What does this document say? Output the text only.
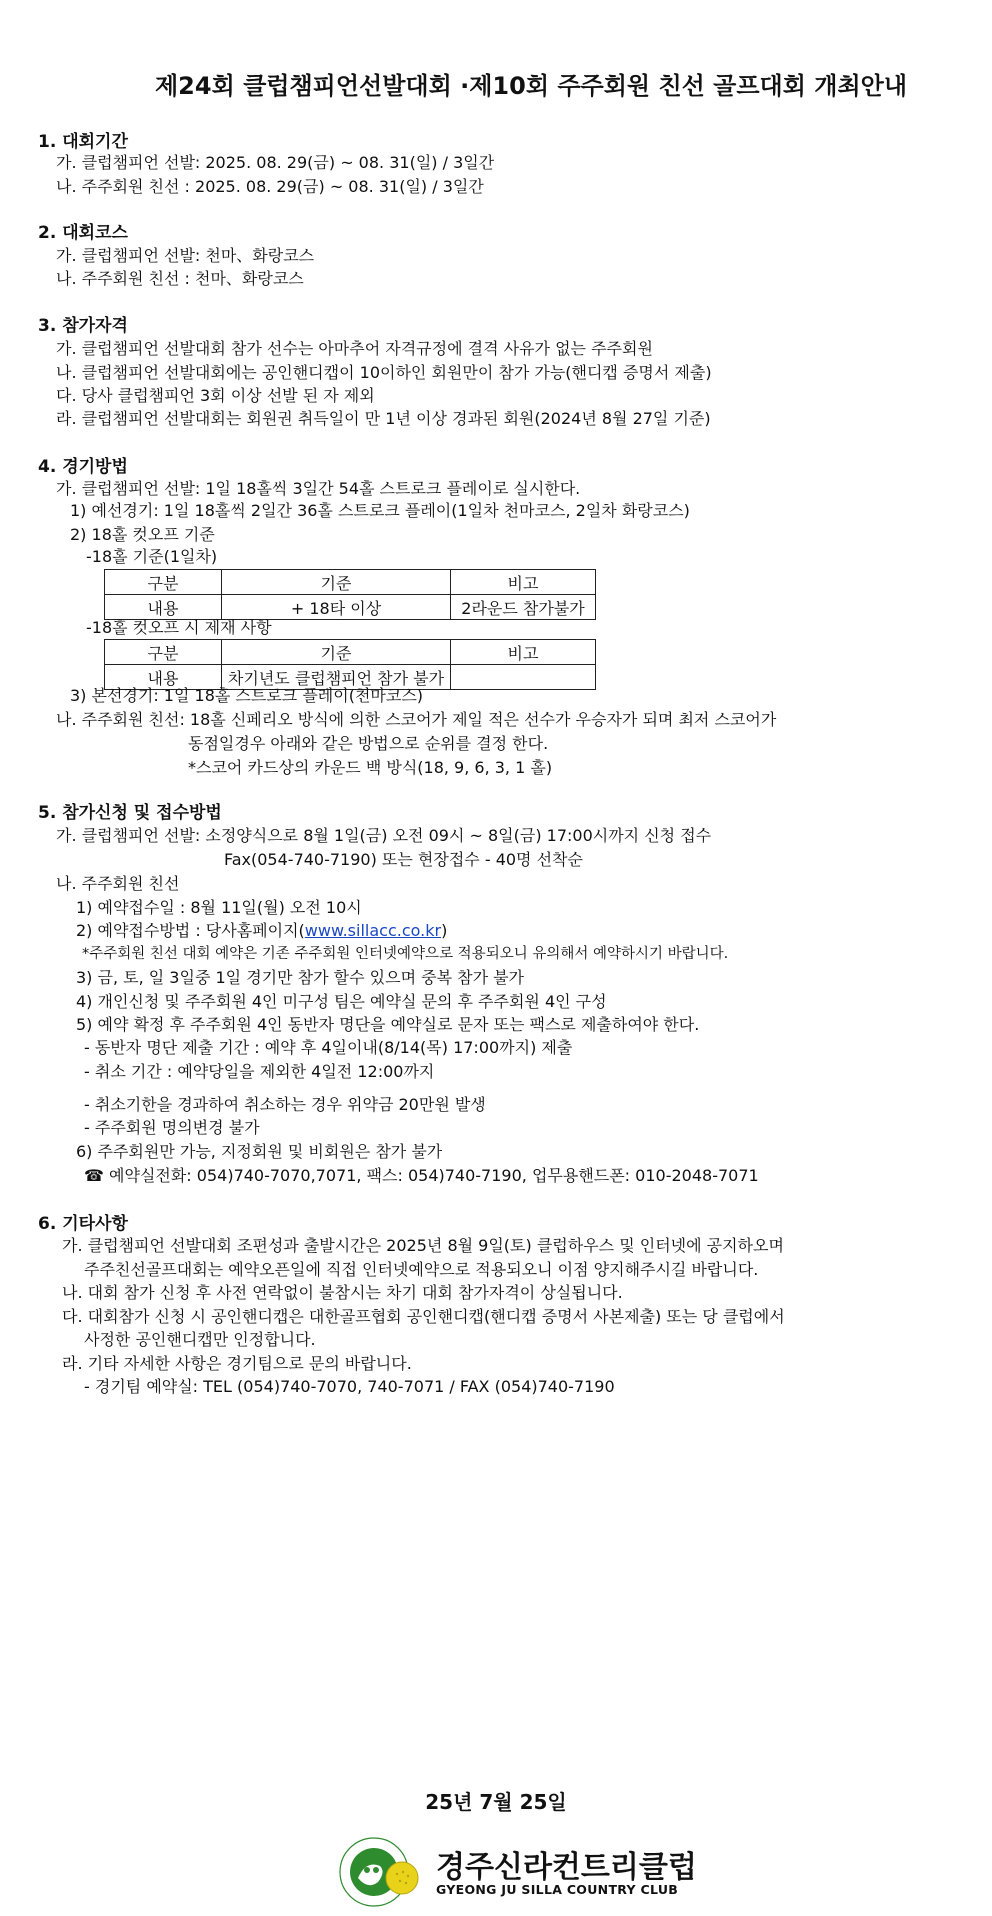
제24회 클럽챔피언선발대회 ·제10회 주주회원 친선 골프대회 개최안내
1. 대회기간
가. 클럽챔피언 선발: 2025. 08. 29(금) ~ 08. 31(일) / 3일간
나. 주주회원 친선 : 2025. 08. 29(금) ~ 08. 31(일) / 3일간
2. 대회코스
가. 클럽챔피언 선발: 천마、화랑코스
나. 주주회원 친선 : 천마、화랑코스
3. 참가자격
가. 클럽챔피언 선발대회 참가 선수는 아마추어 자격규정에 결격 사유가 없는 주주회원
나. 클럽챔피언 선발대회에는 공인핸디캡이 10이하인 회원만이 참가 가능(핸디캡 증명서 제출)
다. 당사 클럽챔피언 3회 이상 선발 된 자 제외
라. 클럽챔피언 선발대회는 회원권 취득일이 만 1년 이상 경과된 회원(2024년 8월 27일 기준)
4. 경기방법
가. 클럽챔피언 선발: 1일 18홀씩 3일간 54홀 스트로크 플레이로 실시한다.
1) 예선경기: 1일 18홀씩 2일간 36홀 스트로크 플레이(1일차 천마코스, 2일차 화랑코스)
2) 18홀 컷오프 기준
-18홀 기준(1일차)
구분	기준	비고
내용	+ 18타 이상	2라운드 참가불가
-18홀 컷오프 시 제재 사항
구분	기준	비고
내용	차기년도 클럽챔피언 참가 불가	
3) 본선경기: 1일 18홀 스트로크 플레이(천마코스)
나. 주주회원 친선: 18홀 신페리오 방식에 의한 스코어가 제일 적은 선수가 우승자가 되며 최저 스코어가
동점일경우 아래와 같은 방법으로 순위를 결정 한다.
*스코어 카드상의 카운드 백 방식(18, 9, 6, 3, 1 홀)
5. 참가신청 및 접수방법
가. 클럽챔피언 선발: 소정양식으로 8월 1일(금) 오전 09시 ~ 8일(금) 17:00시까지 신청 접수
Fax(054-740-7190) 또는 현장접수 - 40명 선착순
나. 주주회원 친선
1) 예약접수일 : 8월 11일(월) 오전 10시
2) 예약접수방법 : 당사홈페이지(www.sillacc.co.kr)
*주주회원 친선 대회 예약은 기존 주주회원 인터넷예약으로 적용되오니 유의해서 예약하시기 바랍니다.
3) 금, 토, 일 3일중 1일 경기만 참가 할수 있으며 중복 참가 불가
4) 개인신청 및 주주회원 4인 미구성 팀은 예약실 문의 후 주주회원 4인 구성
5) 예약 확정 후 주주회원 4인 동반자 명단을 예약실로 문자 또는 팩스로 제출하여야 한다.
- 동반자 명단 제출 기간 : 예약 후 4일이내(8/14(목) 17:00까지) 제출
- 취소 기간 : 예약당일을 제외한 4일전 12:00까지
- 취소기한을 경과하여 취소하는 경우 위약금 20만원 발생
- 주주회원 명의변경 불가
6) 주주회원만 가능, 지정회원 및 비회원은 참가 불가
☎ 예약실전화: 054)740-7070,7071, 팩스: 054)740-7190, 업무용핸드폰: 010-2048-7071
6. 기타사항
가. 클럽챔피언 선발대회 조편성과 출발시간은 2025년 8월 9일(토) 클럽하우스 및 인터넷에 공지하오며
주주친선골프대회는 예약오픈일에 직접 인터넷예약으로 적용되오니 이점 양지해주시길 바랍니다.
나. 대회 참가 신청 후 사전 연락없이 불참시는 차기 대회 참가자격이 상실됩니다.
다. 대회참가 신청 시 공인핸디캡은 대한골프협회 공인핸디캡(핸디캡 증명서 사본제출) 또는 당 클럽에서
사정한 공인핸디캡만 인정합니다.
라. 기타 자세한 사항은 경기팀으로 문의 바랍니다.
- 경기팀 예약실: TEL (054)740-7070, 740-7071 / FAX (054)740-7190
25년 7월 25일
경주신라컨트리클럽
GYEONG JU SILLA COUNTRY CLUB
